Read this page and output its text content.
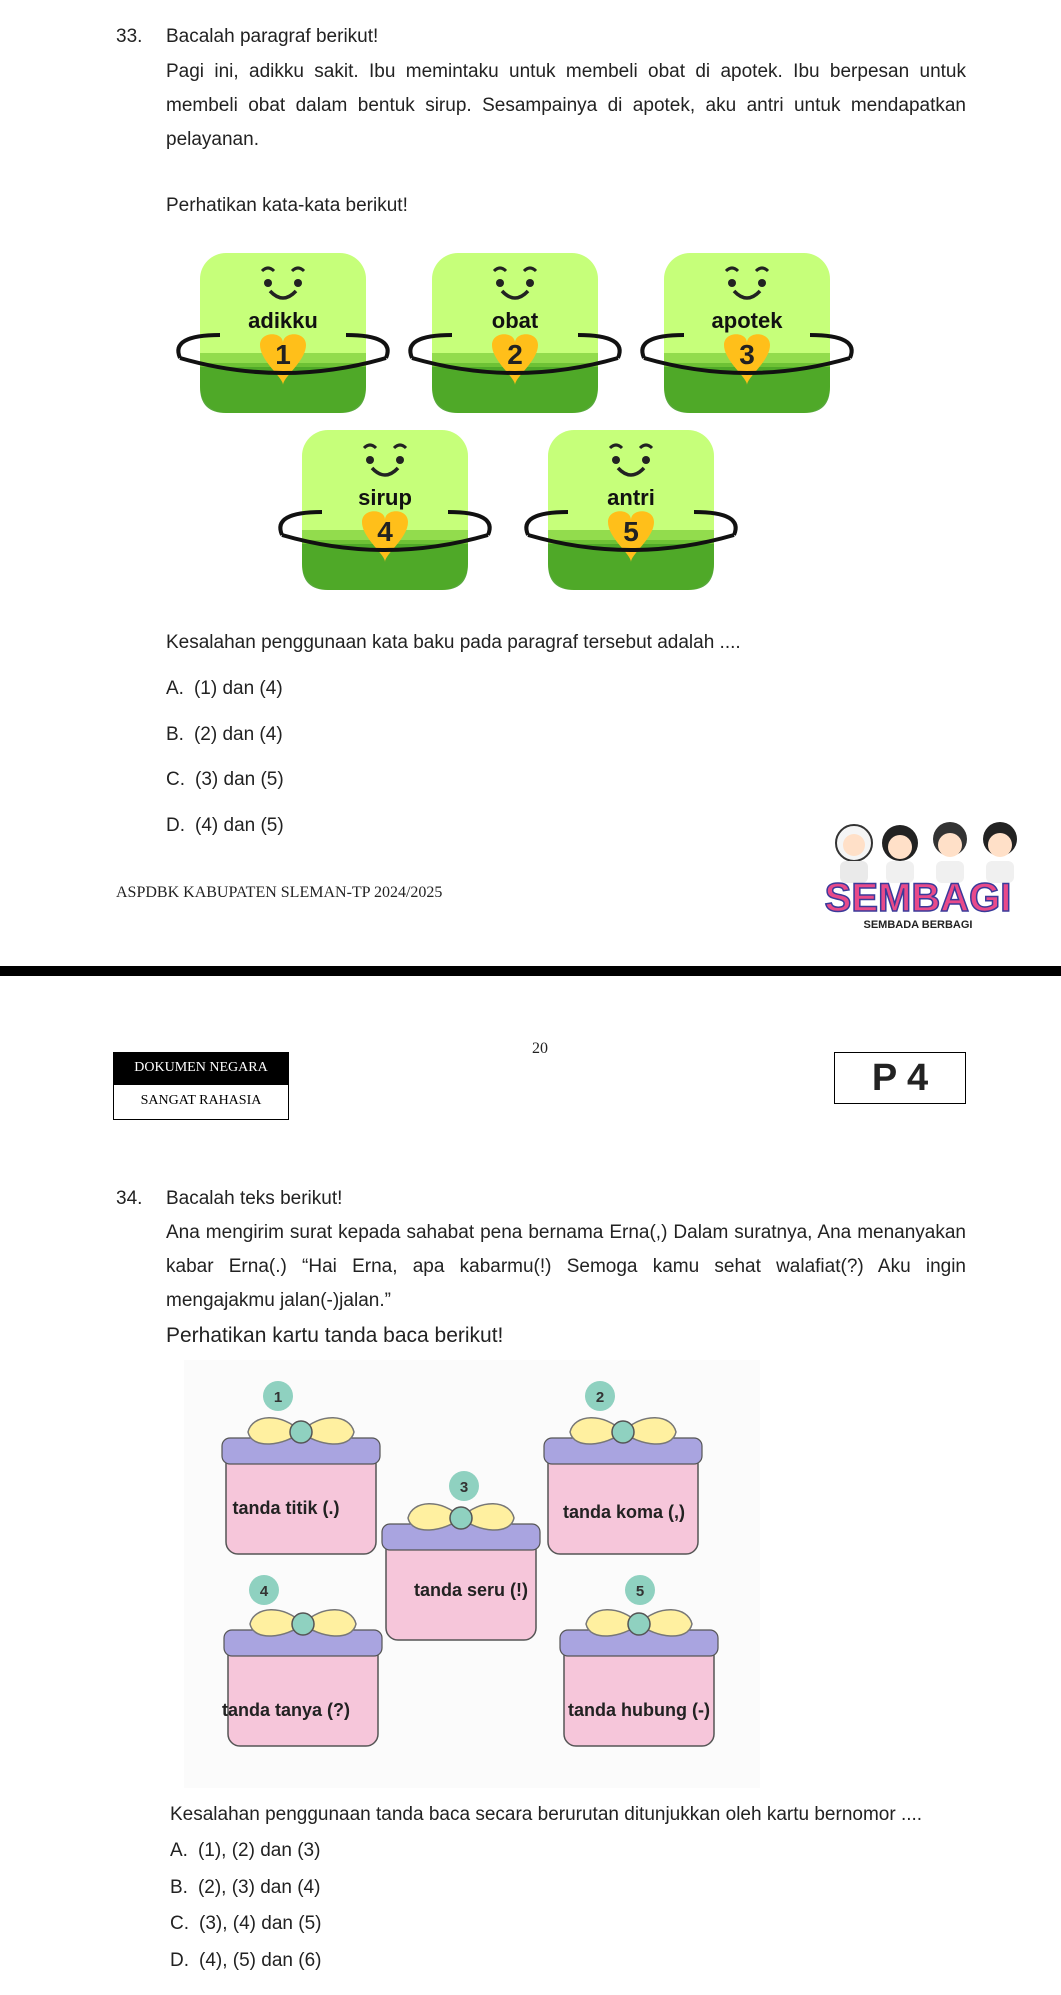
33. Bacalah paragraf berikut!
Pagi ini, adikku sakit. Ibu memintaku untuk membeli obat di apotek. Ibu berpesan untuk membeli obat dalam bentuk sirup. Sesampainya di apotek, aku antri untuk mendapatkan pelayanan.
Perhatikan kata-kata berikut!
adikku
1
obat
2
apotek
3
sirup
4
antri
5
Kesalahan penggunaan kata baku pada paragraf tersebut adalah ....
A. (1) dan (4)
B. (2) dan (4)
C. (3) dan (5)
D. (4) dan (5)
ASPDBK KABUPATEN SLEMAN-TP 2024/2025	SEMBAGI
SEMBADA BERBAGI
20
DOKUMEN NEGARA
SANGAT RAHASIA
P 4
34. Bacalah teks berikut!
Ana mengirim surat kepada sahabat pena bernama Erna(,) Dalam suratnya, Ana menanyakan kabar Erna(.) “Hai Erna, apa kabarmu(!) Semoga kamu sehat walafiat(?) Aku ingin mengajakmu jalan(-)jalan.”
Perhatikan kartu tanda baca berikut!
1
tanda titik (.)
2
tanda koma (,)
3
tanda seru (!)
4
tanda tanya (?)
5
tanda hubung (-)
Kesalahan penggunaan tanda baca secara berurutan ditunjukkan oleh kartu bernomor ....
A. (1), (2) dan (3)
B. (2), (3) dan (4)
C. (3), (4) dan (5)
D. (4), (5) dan (6)
